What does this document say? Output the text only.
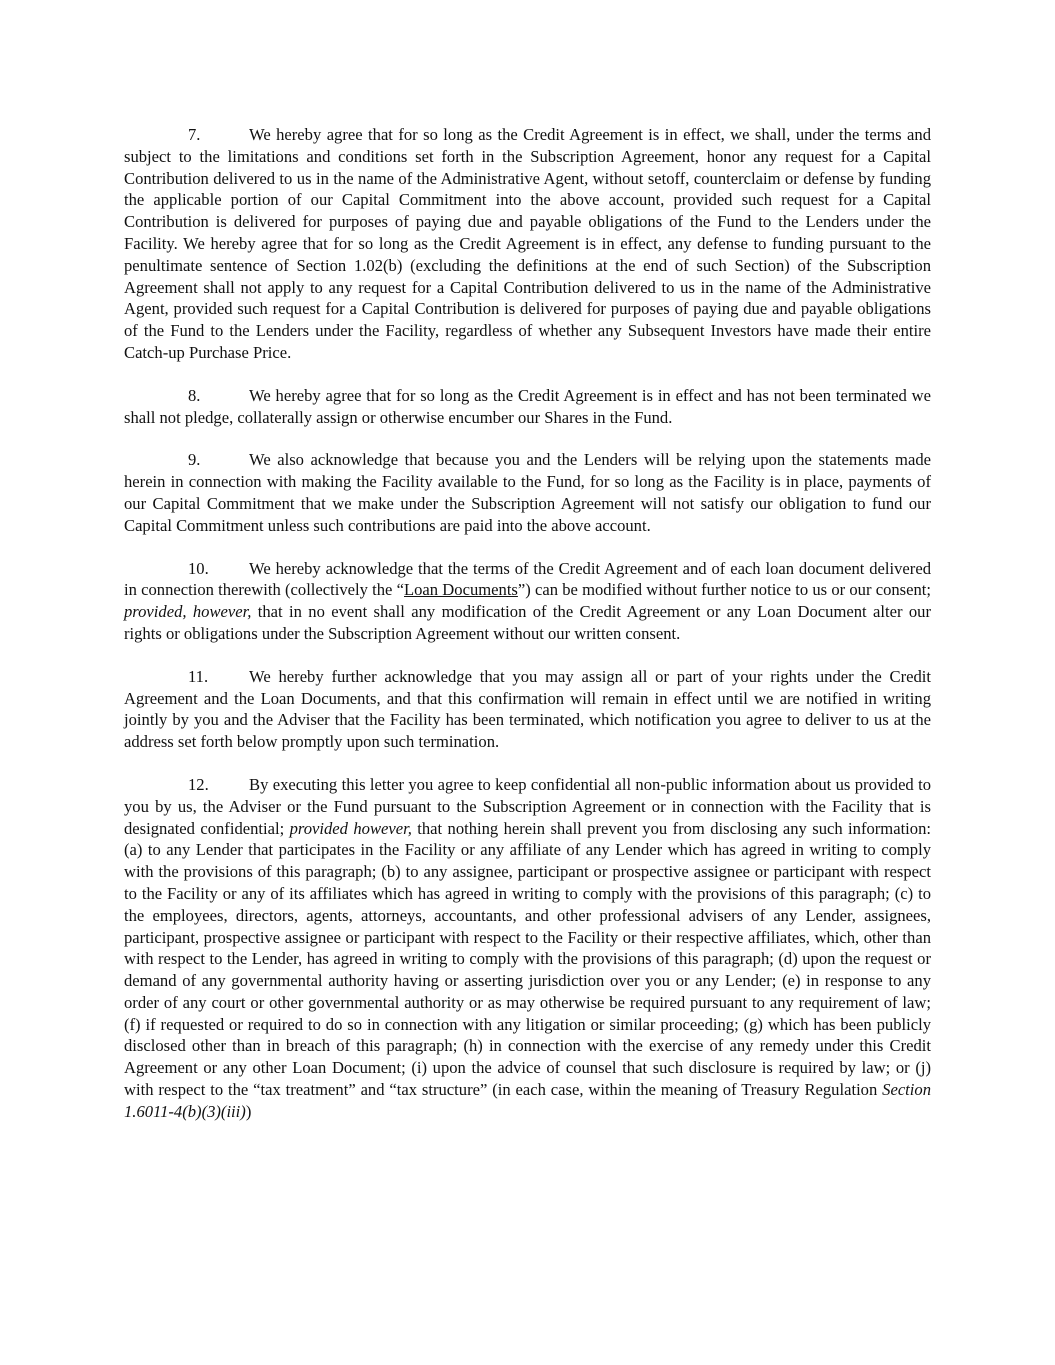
7.	We hereby agree that for so long as the Credit Agreement is in effect, we shall, under the terms and subject to the limitations and conditions set forth in the Subscription Agreement, honor any request for a Capital Contribution delivered to us in the name of the Administrative Agent, without setoff, counterclaim or defense by funding the applicable portion of our Capital Commitment into the above account, provided such request for a Capital Contribution is delivered for purposes of paying due and payable obligations of the Fund to the Lenders under the Facility. We hereby agree that for so long as the Credit Agreement is in effect, any defense to funding pursuant to the penultimate sentence of Section 1.02(b) (excluding the definitions at the end of such Section) of the Subscription Agreement shall not apply to any request for a Capital Contribution delivered to us in the name of the Administrative Agent, provided such request for a Capital Contribution is delivered for purposes of paying due and payable obligations of the Fund to the Lenders under the Facility, regardless of whether any Subsequent Investors have made their entire Catch-up Purchase Price.

8.	We hereby agree that for so long as the Credit Agreement is in effect and has not been terminated we shall not pledge, collaterally assign or otherwise encumber our Shares in the Fund.

9.	We also acknowledge that because you and the Lenders will be relying upon the statements made herein in connection with making the Facility available to the Fund, for so long as the Facility is in place, payments of our Capital Commitment that we make under the Subscription Agreement will not satisfy our obligation to fund our Capital Commitment unless such contributions are paid into the above account.

10. We hereby acknowledge that the terms of the Credit Agreement and of each loan document delivered in connection therewith (collectively the “Loan Documents”) can be modified without further notice to us or our consent; provided, however, that in no event shall any modification of the Credit Agreement or any Loan Document alter our rights or obligations under the Subscription Agreement without our written consent.

11. We hereby further acknowledge that you may assign all or part of your rights under the Credit Agreement and the Loan Documents, and that this confirmation will remain in effect until we are notified in writing jointly by you and the Adviser that the Facility has been terminated, which notification you agree to deliver to us at the address set forth below promptly upon such termination.

12. By executing this letter you agree to keep confidential all non-public information about us provided to you by us, the Adviser or the Fund pursuant to the Subscription Agreement or in connection with the Facility that is designated confidential; provided however, that nothing herein shall prevent you from disclosing any such information: (a) to any Lender that participates in the Facility or any affiliate of any Lender which has agreed in writing to comply with the provisions of this paragraph; (b) to any assignee, participant or prospective assignee or participant with respect to the Facility or any of its affiliates which has agreed in writing to comply with the provisions of this paragraph; (c) to the employees, directors, agents, attorneys, accountants, and other professional advisers of any Lender, assignees, participant, prospective assignee or participant with respect to the Facility or their respective affiliates, which, other than with respect to the Lender, has agreed in writing to comply with the provisions of this paragraph; (d) upon the request or demand of any governmental authority having or asserting jurisdiction over you or any Lender; (e) in response to any order of any court or other governmental authority or as may otherwise be required pursuant to any requirement of law; (f) if requested or required to do so in connection with any litigation or similar proceeding; (g) which has been publicly disclosed other than in breach of this paragraph; (h) in connection with the exercise of any remedy under this Credit Agreement or any other Loan Document; (i) upon the advice of counsel that such disclosure is required by law; or (j) with respect to the “tax treatment” and “tax structure” (in each case, within the meaning of Treasury Regulation Section 1.6011-4(b)(3)(iii))
